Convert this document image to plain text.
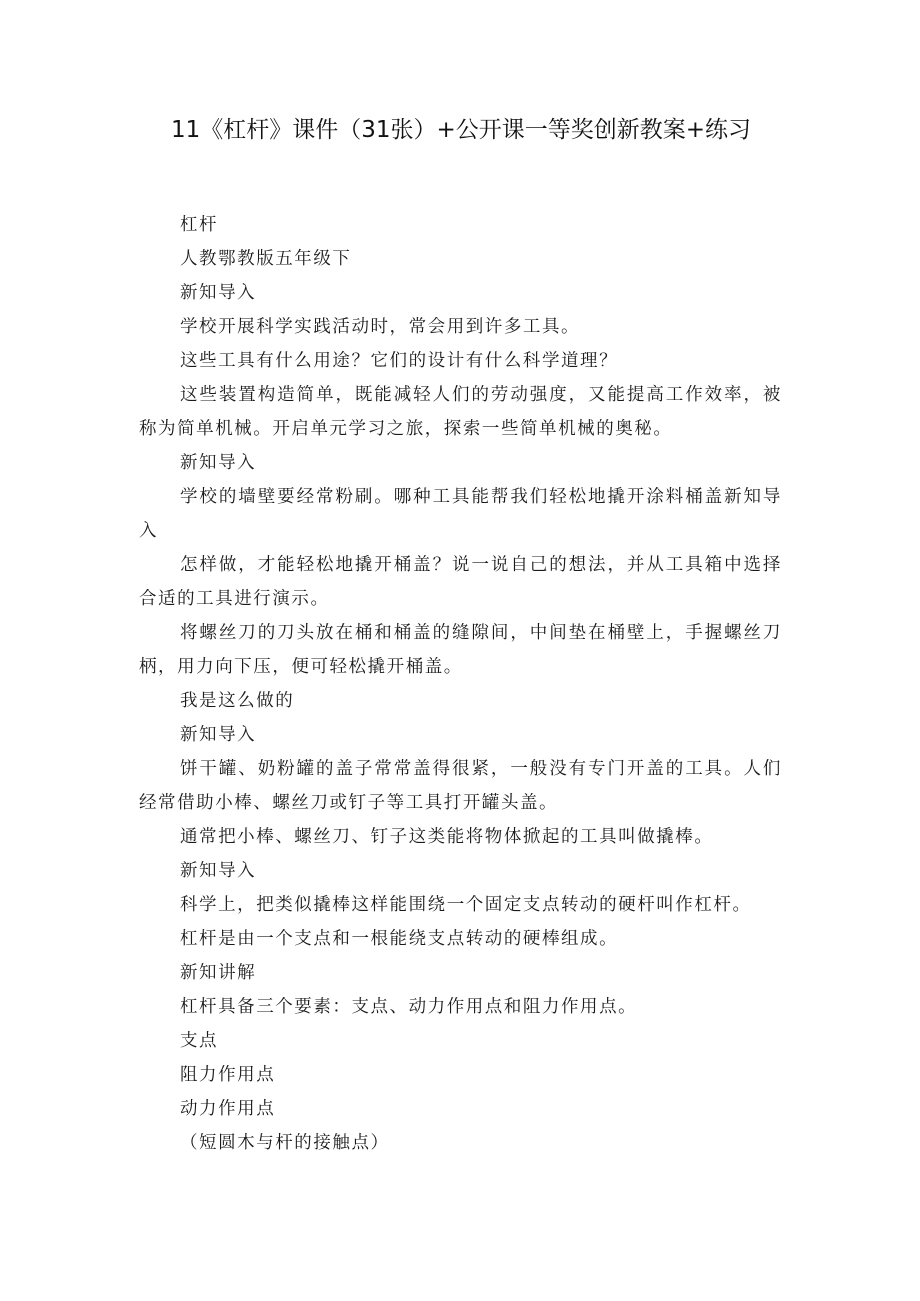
11《杠杆》课件（31张）+公开课一等奖创新教案+练习

杠杆

人教鄂教版五年级下

新知导入

学校开展科学实践活动时，常会用到许多工具。

这些工具有什么用途？它们的设计有什么科学道理？

这些装置构造简单，既能减轻人们的劳动强度，又能提高工作效率，被称为简单机械。开启单元学习之旅，探索一些简单机械的奥秘。

新知导入

学校的墙壁要经常粉刷。哪种工具能帮我们轻松地撬开涂料桶盖新知导入

怎样做，才能轻松地撬开桶盖？说一说自己的想法，并从工具箱中选择合适的工具进行演示。

将螺丝刀的刀头放在桶和桶盖的缝隙间，中间垫在桶壁上，手握螺丝刀柄，用力向下压，便可轻松撬开桶盖。

我是这么做的

新知导入

饼干罐、奶粉罐的盖子常常盖得很紧，一般没有专门开盖的工具。人们经常借助小棒、螺丝刀或钉子等工具打开罐头盖。

通常把小棒、螺丝刀、钉子这类能将物体掀起的工具叫做撬棒。

新知导入

科学上，把类似撬棒这样能围绕一个固定支点转动的硬杆叫作杠杆。

杠杆是由一个支点和一根能绕支点转动的硬棒组成。

新知讲解

杠杆具备三个要素：支点、动力作用点和阻力作用点。

支点

阻力作用点

动力作用点

（短圆木与杆的接触点）
